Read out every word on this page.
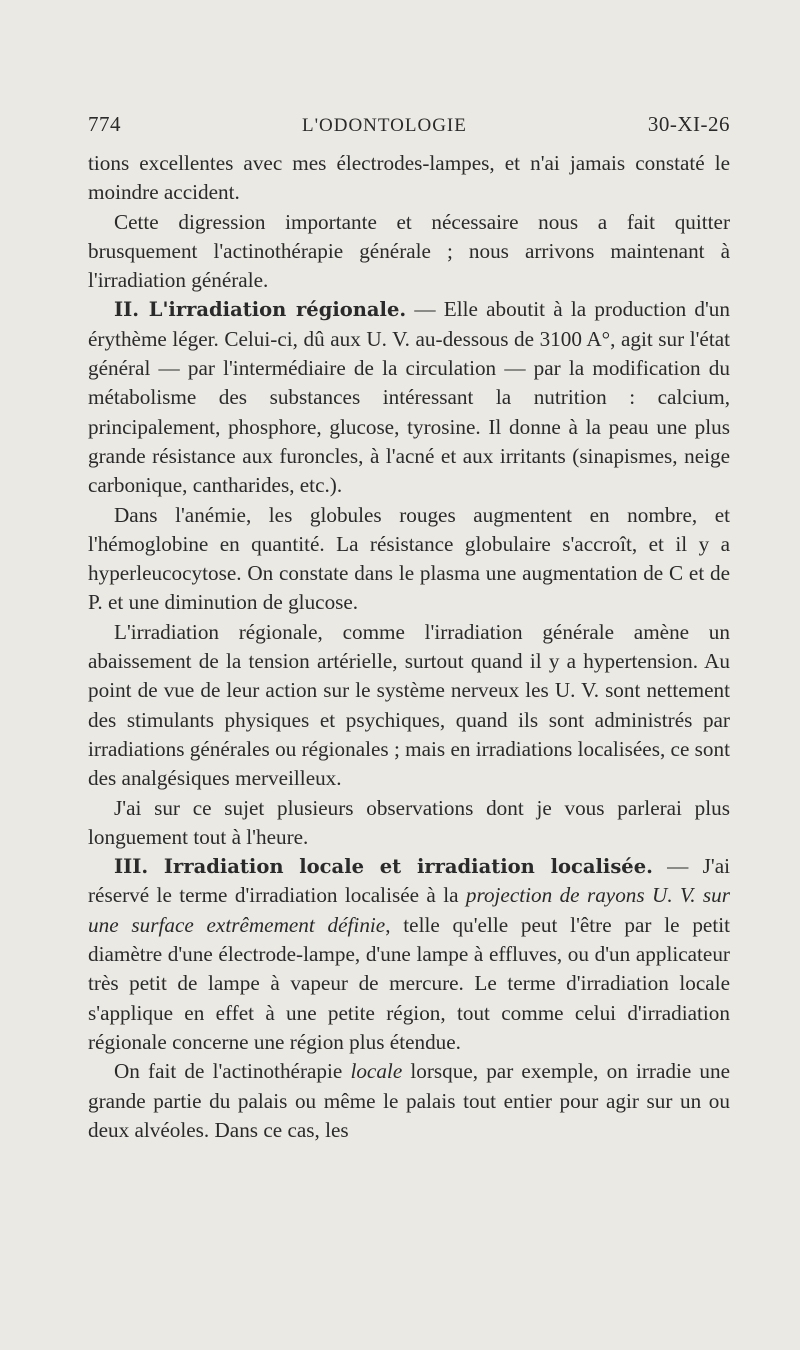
774	L'ODONTOLOGIE	30-XI-26

tions excellentes avec mes électrodes-lampes, et n'ai jamais constaté le moindre accident.

Cette digression importante et nécessaire nous a fait quitter brusquement l'actinothérapie générale ; nous arrivons maintenant à l'irradiation générale.

II. L'irradiation régionale. — Elle aboutit à la production d'un érythème léger. Celui-ci, dû aux U. V. au-dessous de 3100 A°, agit sur l'état général — par l'intermédiaire de la circulation — par la modification du métabolisme des substances intéressant la nutrition : calcium, principalement, phosphore, glucose, tyrosine. Il donne à la peau une plus grande résistance aux furoncles, à l'acné et aux irritants (sinapismes, neige carbonique, cantharides, etc.).

Dans l'anémie, les globules rouges augmentent en nombre, et l'hémoglobine en quantité. La résistance globulaire s'accroît, et il y a hyperleucocytose. On constate dans le plasma une augmentation de C et de P. et une diminution de glucose.

L'irradiation régionale, comme l'irradiation générale amène un abaissement de la tension artérielle, surtout quand il y a hypertension. Au point de vue de leur action sur le système nerveux les U. V. sont nettement des stimulants physiques et psychiques, quand ils sont administrés par irradiations générales ou régionales ; mais en irradiations localisées, ce sont des analgésiques merveilleux.

J'ai sur ce sujet plusieurs observations dont je vous parlerai plus longuement tout à l'heure.

III. Irradiation locale et irradiation localisée. — J'ai réservé le terme d'irradiation localisée à la projection de rayons U. V. sur une surface extrêmement définie, telle qu'elle peut l'être par le petit diamètre d'une électrode-lampe, d'une lampe à effluves, ou d'un applicateur très petit de lampe à vapeur de mercure. Le terme d'irradiation locale s'applique en effet à une petite région, tout comme celui d'irradiation régionale concerne une région plus étendue.

On fait de l'actinothérapie locale lorsque, par exemple, on irradie une grande partie du palais ou même le palais tout entier pour agir sur un ou deux alvéoles. Dans ce cas, les
